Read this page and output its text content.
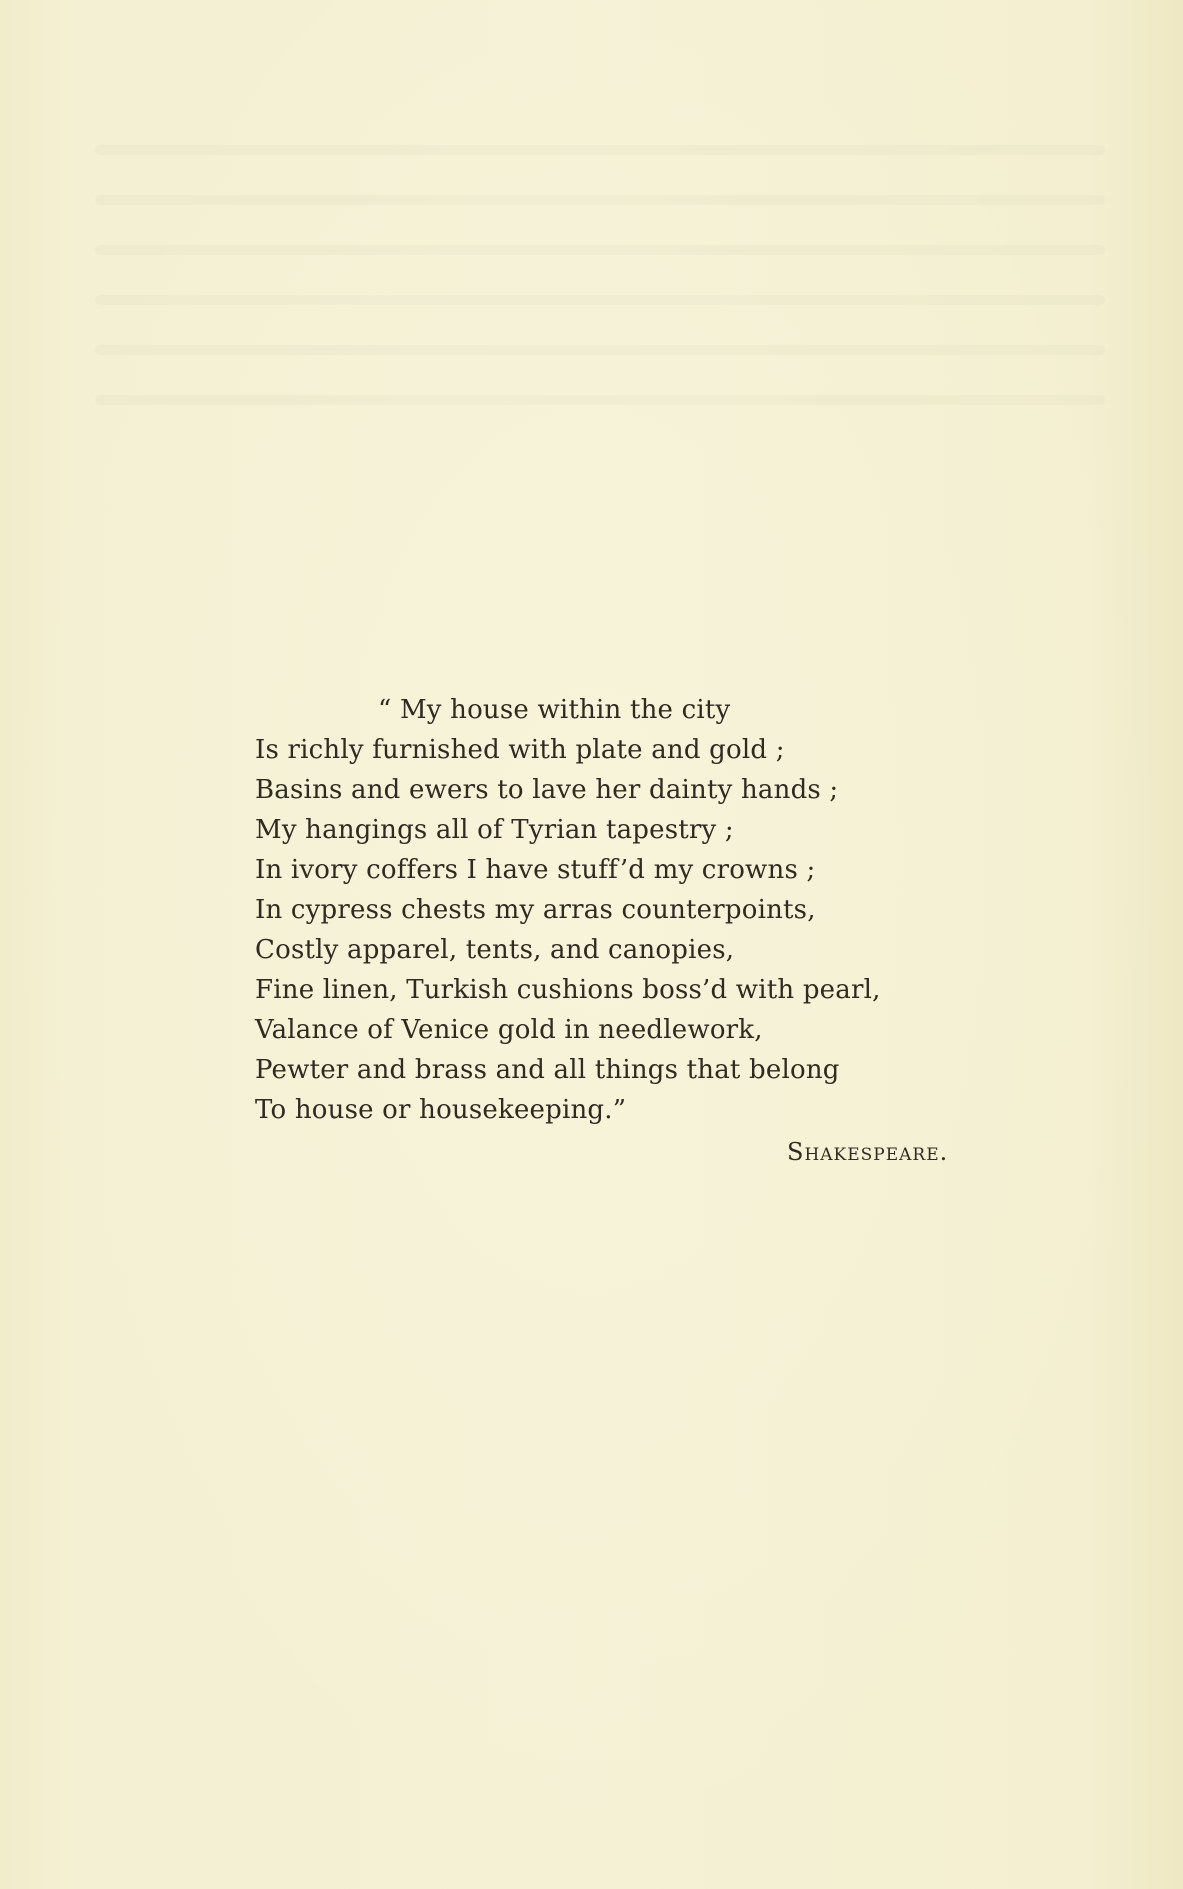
“ My house within the city
Is richly furnished with plate and gold ;
Basins and ewers to lave her dainty hands ;
My hangings all of Tyrian tapestry ;
In ivory coffers I have stuff’d my crowns ;
In cypress chests my arras counterpoints,
Costly apparel, tents, and canopies,
Fine linen, Turkish cushions boss’d with pearl,
Valance of Venice gold in needlework,
Pewter and brass and all things that belong
To house or housekeeping.”
Shakespeare.
